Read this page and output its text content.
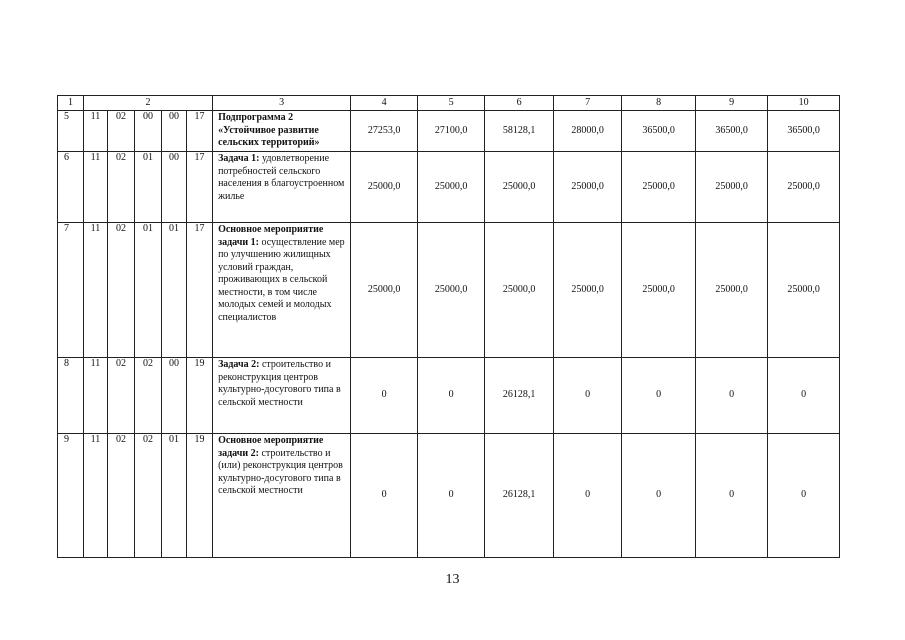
1	2					3	4	5	6	7	8	9	10
5	11	02	00	00	17	Подпрограмма 2 «Устойчивое развитие сельских территорий»	27253,0	27100,0	58128,1	28000,0	36500,0	36500,0	36500,0
6	11	02	01	00	17	Задача 1: удовлетворение потребностей сельского населения в благоустроенном жилье	25000,0	25000,0	25000,0	25000,0	25000,0	25000,0	25000,0
7	11	02	01	01	17	Основное мероприятие задачи 1: осуществление мер по улучшению жилищных условий граждан, проживающих в сельской местности, в том числе молодых семей и молодых специалистов	25000,0	25000,0	25000,0	25000,0	25000,0	25000,0	25000,0
8	11	02	02	00	19	Задача 2: строительство и реконструкция центров культурно-досугового типа в сельской местности	0	0	26128,1	0	0	0	0
9	11	02	02	01	19	Основное мероприятие задачи 2: строительство и (или) реконструкция центров культурно-досугового типа в сельской местности	0	0	26128,1	0	0	0	0
13
